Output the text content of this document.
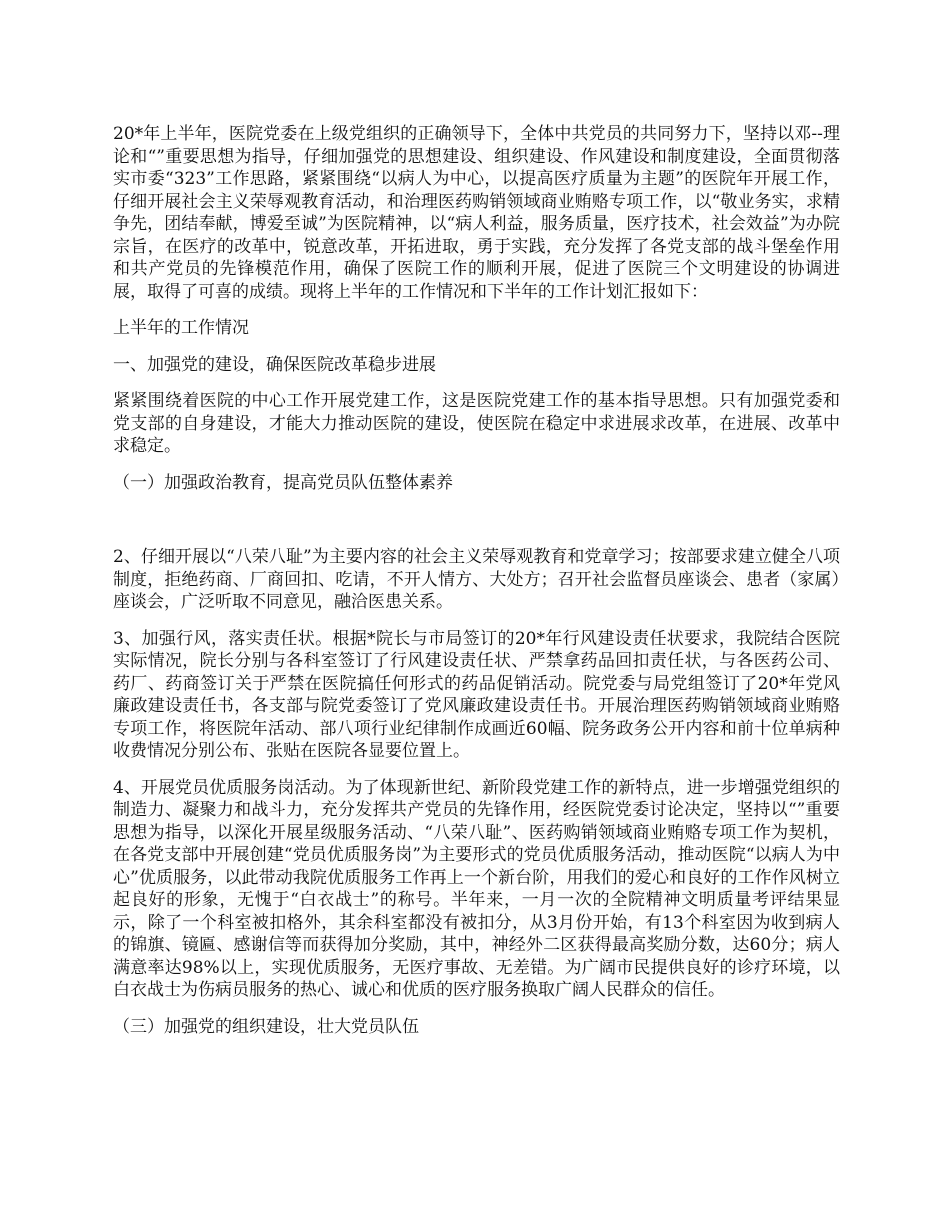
20*年上半年，医院党委在上级党组织的正确领导下，全体中共党员的共同努力下，坚持以邓--理论和“”重要思想为指导，仔细加强党的思想建设、组织建设、作风建设和制度建设，全面贯彻落实市委“323”工作思路，紧紧围绕“以病人为中心，以提高医疗质量为主题”的医院年开展工作，仔细开展社会主义荣辱观教育活动，和治理医药购销领域商业贿赂专项工作，以“敬业务实，求精争先，团结奉献，博爱至诚”为医院精神，以“病人利益，服务质量，医疗技术，社会效益”为办院宗旨，在医疗的改革中，锐意改革，开拓进取，勇于实践，充分发挥了各党支部的战斗堡垒作用和共产党员的先锋模范作用，确保了医院工作的顺利开展，促进了医院三个文明建设的协调进展，取得了可喜的成绩。现将上半年的工作情况和下半年的工作计划汇报如下：

上半年的工作情况

一、加强党的建设，确保医院改革稳步进展

紧紧围绕着医院的中心工作开展党建工作，这是医院党建工作的基本指导思想。只有加强党委和党支部的自身建设，才能大力推动医院的建设，使医院在稳定中求进展求改革，在进展、改革中求稳定。

（一）加强政治教育，提高党员队伍整体素养

2、仔细开展以“八荣八耻”为主要内容的社会主义荣辱观教育和党章学习；按部要求建立健全八项制度，拒绝药商、厂商回扣、吃请，不开人情方、大处方；召开社会监督员座谈会、患者（家属）座谈会，广泛听取不同意见，融洽医患关系。

3、加强行风，落实责任状。根据*院长与市局签订的20*年行风建设责任状要求，我院结合医院实际情况，院长分别与各科室签订了行风建设责任状、严禁拿药品回扣责任状，与各医药公司、药厂、药商签订关于严禁在医院搞任何形式的药品促销活动。院党委与局党组签订了20*年党风廉政建设责任书，各支部与院党委签订了党风廉政建设责任书。开展治理医药购销领域商业贿赂专项工作，将医院年活动、部八项行业纪律制作成画近60幅、院务政务公开内容和前十位单病种收费情况分别公布、张贴在医院各显要位置上。

4、开展党员优质服务岗活动。为了体现新世纪、新阶段党建工作的新特点，进一步增强党组织的制造力、凝聚力和战斗力，充分发挥共产党员的先锋作用，经医院党委讨论决定，坚持以“”重要思想为指导，以深化开展星级服务活动、“八荣八耻”、医药购销领域商业贿赂专项工作为契机，在各党支部中开展创建“党员优质服务岗”为主要形式的党员优质服务活动，推动医院“以病人为中心”优质服务，以此带动我院优质服务工作再上一个新台阶，用我们的爱心和良好的工作作风树立起良好的形象，无愧于“白衣战士”的称号。半年来，一月一次的全院精神文明质量考评结果显示，除了一个科室被扣格外，其余科室都没有被扣分，从3月份开始，有13个科室因为收到病人的锦旗、镜匾、感谢信等而获得加分奖励，其中，神经外二区获得最高奖励分数，达60分；病人满意率达98%以上，实现优质服务，无医疗事故、无差错。为广阔市民提供良好的诊疗环境，以白衣战士为伤病员服务的热心、诚心和优质的医疗服务换取广阔人民群众的信任。

（三）加强党的组织建设，壮大党员队伍
